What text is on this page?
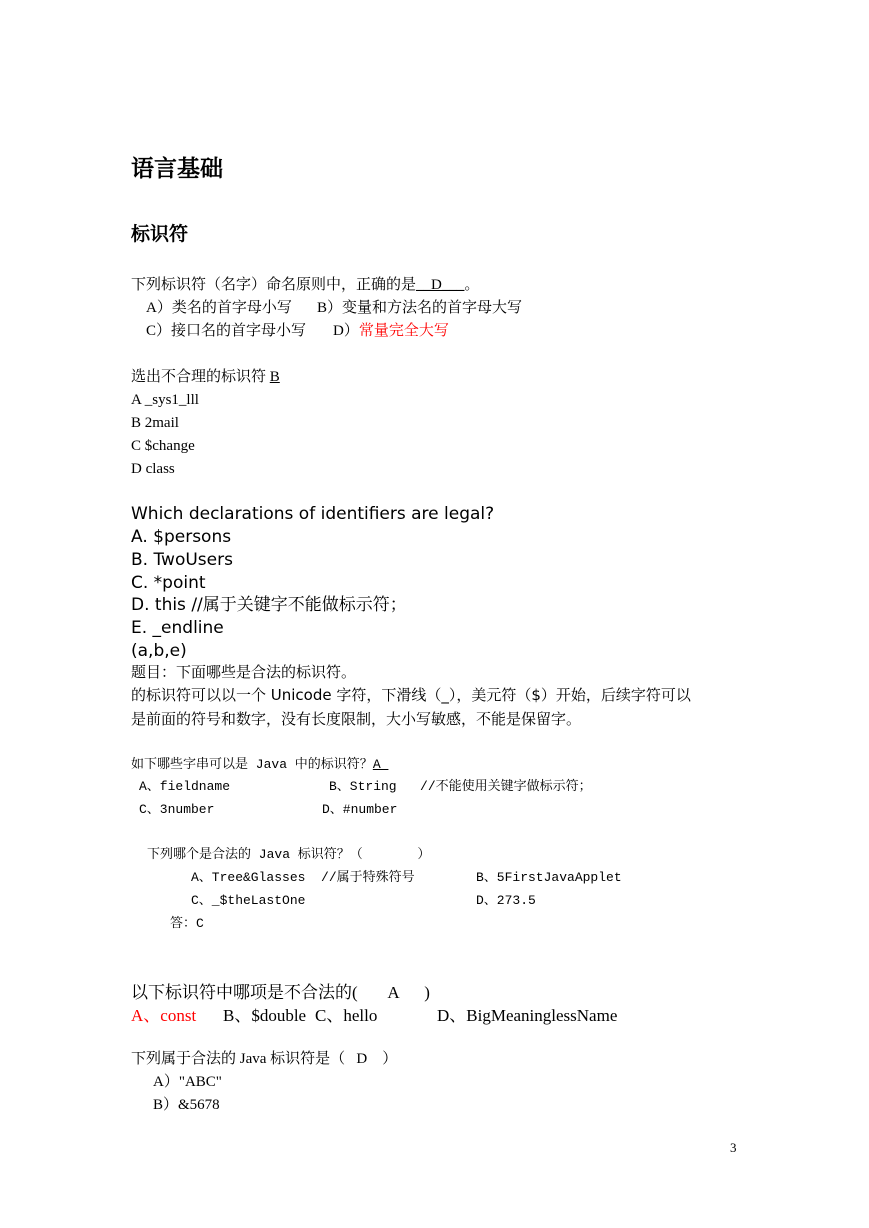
语言基础
标识符
下列标识符（名字）命名原则中，正确的是__D___。
A）类名的首字母小写 B）变量和方法名的首字母大写
C）接口名的首字母小写 D）常量完全大写
选出不合理的标识符 B
A _sys1_lll
B 2mail
C $change
D class
Which declarations of identifiers are legal?
A. $persons
B. TwoUsers
C. *point
D. this //属于关键字不能做标示符；
E. _endline
(a,b,e)
题目：下面哪些是合法的标识符。
的标识符可以以一个 Unicode 字符，下滑线（_），美元符（$）开始，后续字符可以
是前面的符号和数字，没有长度限制，大小写敏感，不能是保留字。
如下哪些字串可以是 Java 中的标识符？A
A、fieldname	B、String   //不能使用关键字做标示符；
C、3number	D、#number
下列哪个是合法的 Java 标识符？（       ）
A、Tree&Glasses  //属于特殊符号	B、5FirstJavaApplet
C、_$theLastOne	D、273.5
答：C
以下标识符中哪项是不合法的(       A      )
A、const B、$double C、hello	D、BigMeaninglessName
下列属于合法的 Java 标识符是（   D    ）
A）"ABC"
B）&5678
3
